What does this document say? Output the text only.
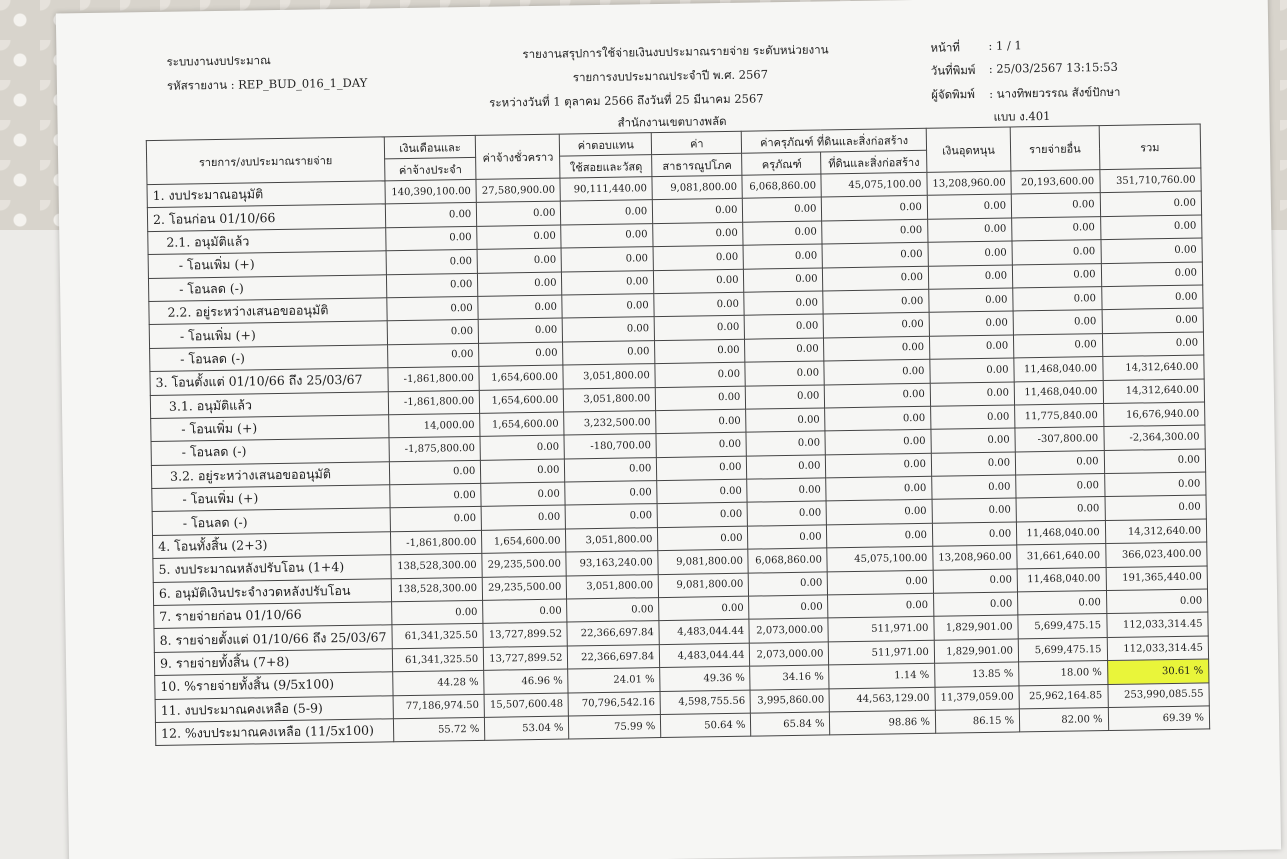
ระบบงานงบประมาณ
รหัสรายงาน : REP_BUD_016_1_DAY
รายงานสรุปการใช้จ่ายเงินงบประมาณรายจ่าย ระดับหน่วยงาน
รายการงบประมาณประจำปี พ.ศ. 2567
ระหว่างวันที่ 1 ตุลาคม 2566 ถึงวันที่ 25 มีนาคม 2567
สำนักงานเขตบางพลัด
หน้าที่ : 1 / 1
วันที่พิมพ์ : 25/03/2567 13:15:53
ผู้จัดพิมพ์ : นางทิพยวรรณ สังข์ปักษา
แบบ ง.401
รายการ/งบประมาณรายจ่าย	เงินเดือนและ	ค่าจ้างชั่วคราว	ค่าตอบแทน	ค่า	ค่าครุภัณฑ์ ที่ดินและสิ่งก่อสร้าง		เงินอุดหนุน	รายจ่ายอื่น	รวม
	ค่าจ้างประจำ		ใช้สอยและวัสดุ	สาธารณูปโภค	ครุภัณฑ์	ที่ดินและสิ่งก่อสร้าง			
1. งบประมาณอนุมัติ	140,390,100.00	27,580,900.00	90,111,440.00	9,081,800.00	6,068,860.00	45,075,100.00	13,208,960.00	20,193,600.00	351,710,760.00
2. โอนก่อน 01/10/66	0.00	0.00	0.00	0.00	0.00	0.00	0.00	0.00	0.00
2.1. อนุมัติแล้ว	0.00	0.00	0.00	0.00	0.00	0.00	0.00	0.00	0.00
- โอนเพิ่ม (+)	0.00	0.00	0.00	0.00	0.00	0.00	0.00	0.00	0.00
- โอนลด (-)	0.00	0.00	0.00	0.00	0.00	0.00	0.00	0.00	0.00
2.2. อยู่ระหว่างเสนอขออนุมัติ	0.00	0.00	0.00	0.00	0.00	0.00	0.00	0.00	0.00
- โอนเพิ่ม (+)	0.00	0.00	0.00	0.00	0.00	0.00	0.00	0.00	0.00
- โอนลด (-)	0.00	0.00	0.00	0.00	0.00	0.00	0.00	0.00	0.00
3. โอนตั้งแต่ 01/10/66 ถึง 25/03/67	-1,861,800.00	1,654,600.00	3,051,800.00	0.00	0.00	0.00	0.00	11,468,040.00	14,312,640.00
3.1. อนุมัติแล้ว	-1,861,800.00	1,654,600.00	3,051,800.00	0.00	0.00	0.00	0.00	11,468,040.00	14,312,640.00
- โอนเพิ่ม (+)	14,000.00	1,654,600.00	3,232,500.00	0.00	0.00	0.00	0.00	11,775,840.00	16,676,940.00
- โอนลด (-)	-1,875,800.00	0.00	-180,700.00	0.00	0.00	0.00	0.00	-307,800.00	-2,364,300.00
3.2. อยู่ระหว่างเสนอขออนุมัติ	0.00	0.00	0.00	0.00	0.00	0.00	0.00	0.00	0.00
- โอนเพิ่ม (+)	0.00	0.00	0.00	0.00	0.00	0.00	0.00	0.00	0.00
- โอนลด (-)	0.00	0.00	0.00	0.00	0.00	0.00	0.00	0.00	0.00
4. โอนทั้งสิ้น (2+3)	-1,861,800.00	1,654,600.00	3,051,800.00	0.00	0.00	0.00	0.00	11,468,040.00	14,312,640.00
5. งบประมาณหลังปรับโอน (1+4)	138,528,300.00	29,235,500.00	93,163,240.00	9,081,800.00	6,068,860.00	45,075,100.00	13,208,960.00	31,661,640.00	366,023,400.00
6. อนุมัติเงินประจำงวดหลังปรับโอน	138,528,300.00	29,235,500.00	3,051,800.00	9,081,800.00	0.00	0.00	0.00	11,468,040.00	191,365,440.00
7. รายจ่ายก่อน 01/10/66	0.00	0.00	0.00	0.00	0.00	0.00	0.00	0.00	0.00
8. รายจ่ายตั้งแต่ 01/10/66 ถึง 25/03/67	61,341,325.50	13,727,899.52	22,366,697.84	4,483,044.44	2,073,000.00	511,971.00	1,829,901.00	5,699,475.15	112,033,314.45
9. รายจ่ายทั้งสิ้น (7+8)	61,341,325.50	13,727,899.52	22,366,697.84	4,483,044.44	2,073,000.00	511,971.00	1,829,901.00	5,699,475.15	112,033,314.45
10. %รายจ่ายทั้งสิ้น (9/5x100)	44.28 %	46.96 %	24.01 %	49.36 %	34.16 %	1.14 %	13.85 %	18.00 %	30.61 %
11. งบประมาณคงเหลือ (5-9)	77,186,974.50	15,507,600.48	70,796,542.16	4,598,755.56	3,995,860.00	44,563,129.00	11,379,059.00	25,962,164.85	253,990,085.55
12. %งบประมาณคงเหลือ (11/5x100)	55.72 %	53.04 %	75.99 %	50.64 %	65.84 %	98.86 %	86.15 %	82.00 %	69.39 %
